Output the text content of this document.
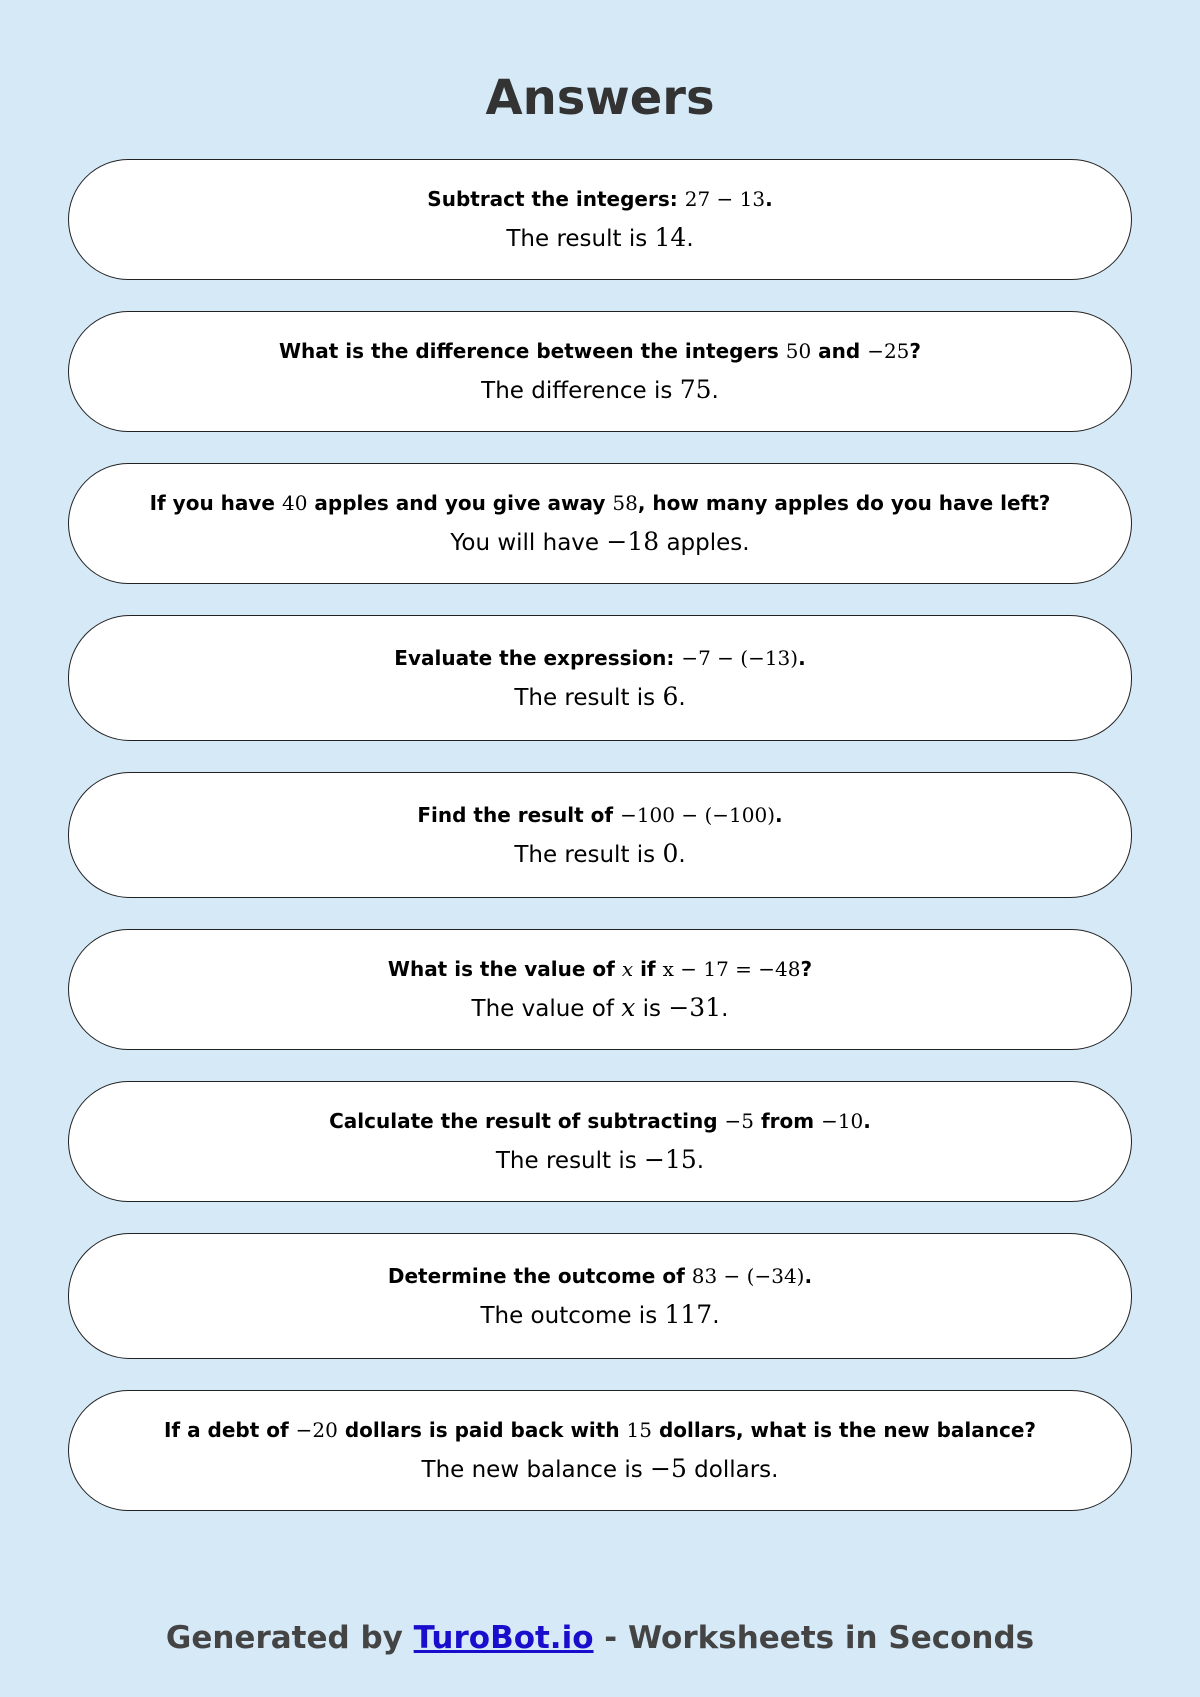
Answers
Subtract the integers: 27 − 13.
The result is 14.
What is the difference between the integers 50 and −25?
The difference is 75.
If you have 40 apples and you give away 58, how many apples do you have left?
You will have −18 apples.
Evaluate the expression: −7 − (−13).
The result is 6.
Find the result of −100 − (−100).
The result is 0.
What is the value of x if x − 17 = −48?
The value of x is −31.
Calculate the result of subtracting −5 from −10.
The result is −15.
Determine the outcome of 83 − (−34).
The outcome is 117.
If a debt of −20 dollars is paid back with 15 dollars, what is the new balance?
The new balance is −5 dollars.
Generated by TuroBot.io - Worksheets in Seconds
